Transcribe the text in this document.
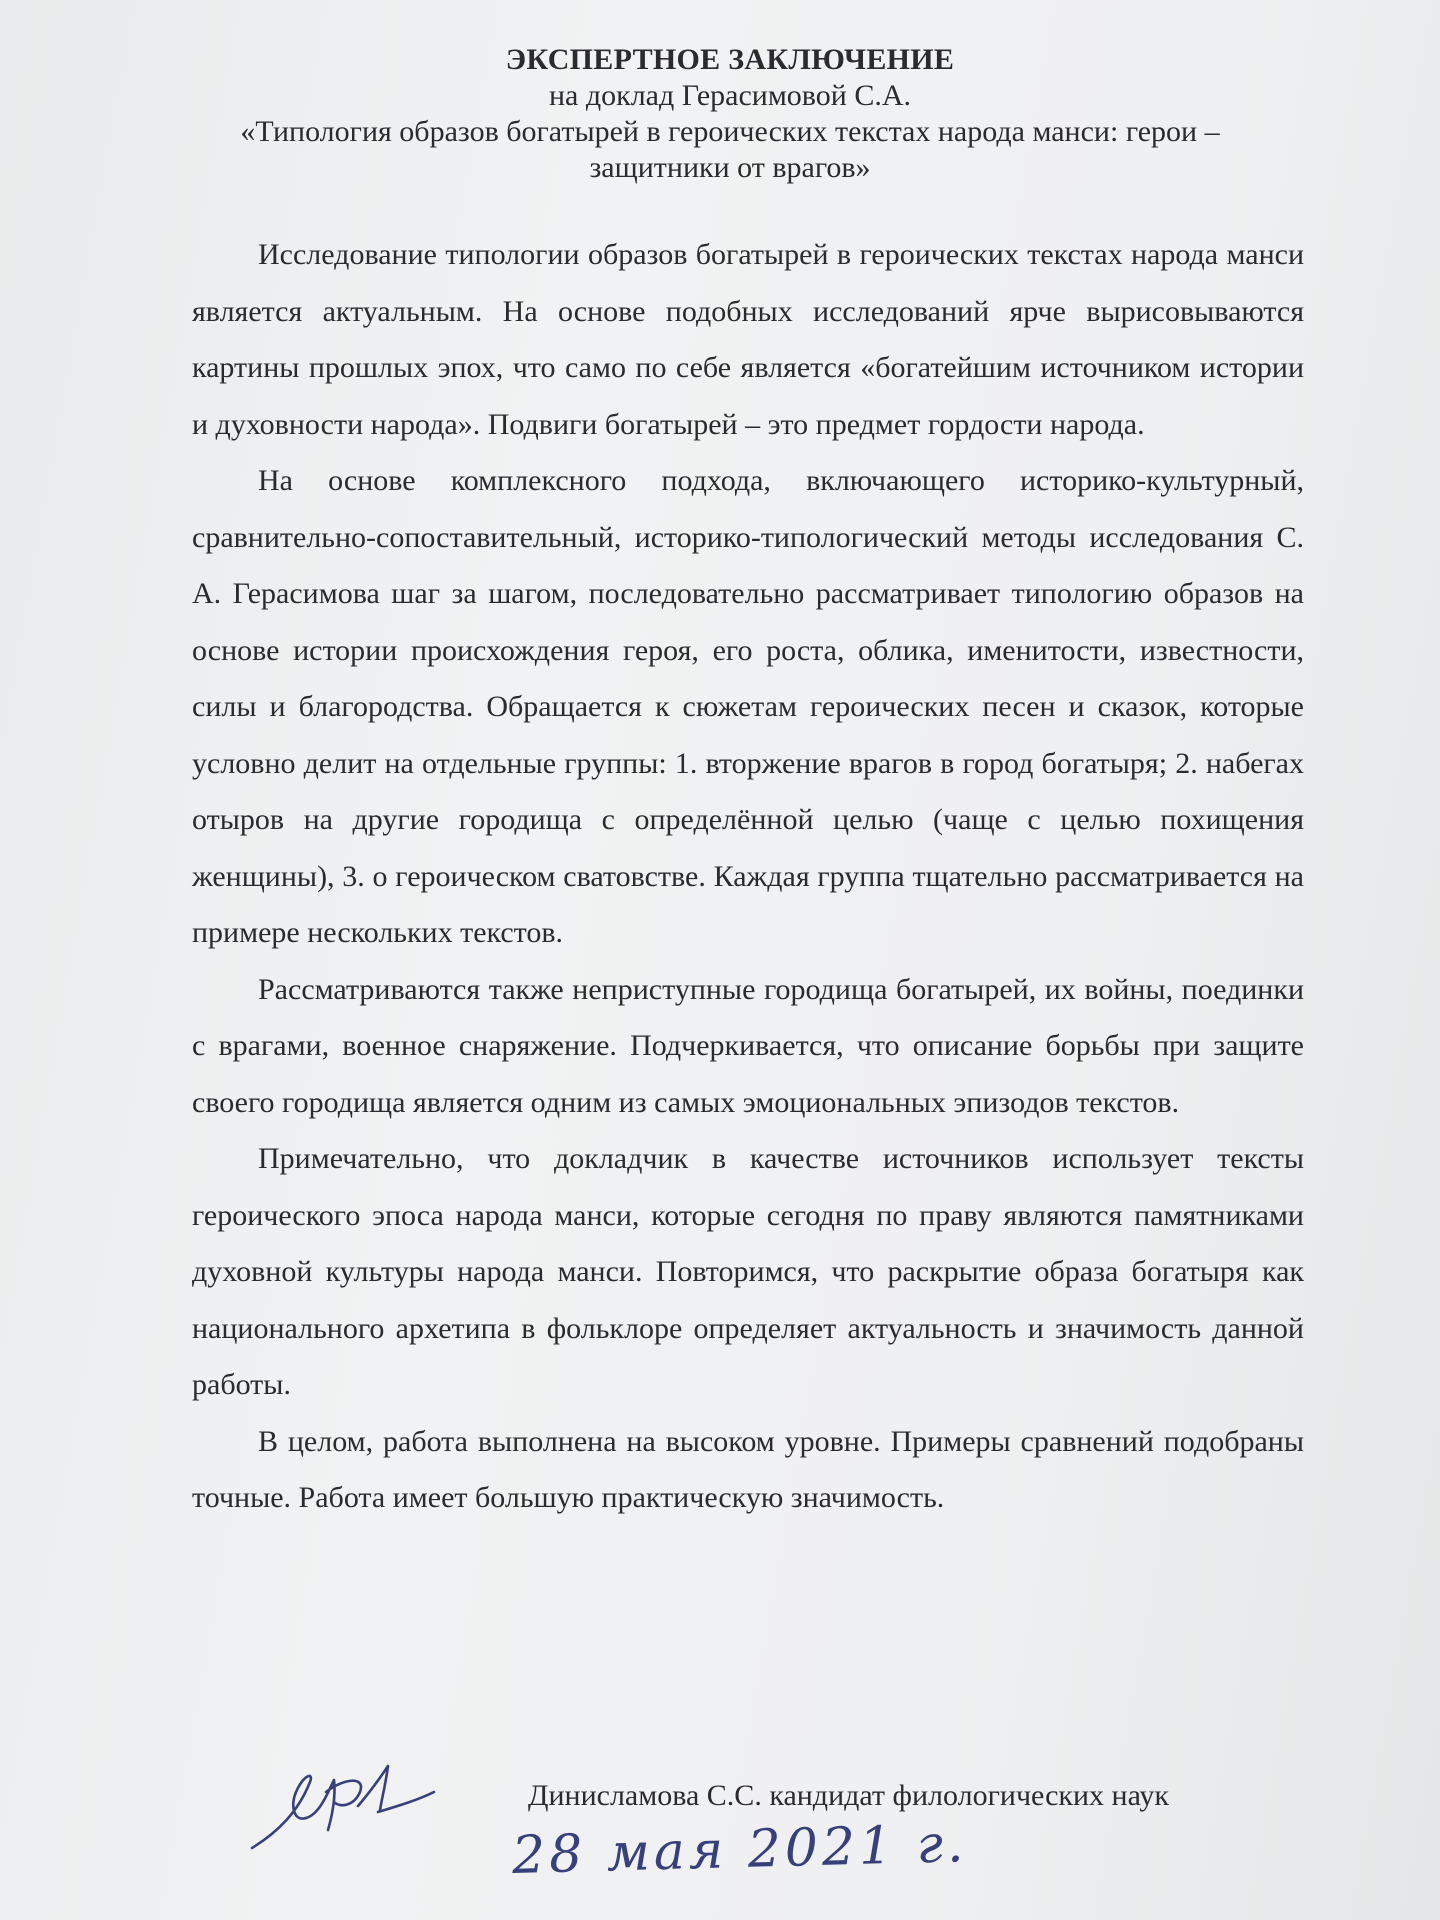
ЭКСПЕРТНОЕ ЗАКЛЮЧЕНИЕ
на доклад Герасимовой С.А.
«Типология образов богатырей в героических текстах народа манси: герои –
защитники от врагов»

Исследование типологии образов богатырей в героических текстах народа манси является актуальным. На основе подобных исследований ярче вырисовываются картины прошлых эпох, что само по себе является «богатейшим источником истории и духовности народа». Подвиги богатырей – это предмет гордости народа.

На основе комплексного подхода, включающего историко-культурный, сравнительно-сопоставительный, историко-типологический методы исследования С. А. Герасимова шаг за шагом, последовательно рассматривает типологию образов на основе истории происхождения героя, его роста, облика, именитости, известности, силы и благородства. Обращается к сюжетам героических песен и сказок, которые условно делит на отдельные группы: 1. вторжение врагов в город богатыря; 2. набегах отыров на другие городища с определённой целью (чаще с целью похищения женщины), 3. о героическом сватовстве. Каждая группа тщательно рассматривается на примере нескольких текстов.

Рассматриваются также неприступные городища богатырей, их войны, поединки с врагами, военное снаряжение. Подчеркивается, что описание борьбы при защите своего городища является одним из самых эмоциональных эпизодов текстов.

Примечательно, что докладчик в качестве источников использует тексты героического эпоса народа манси, которые сегодня по праву являются памятниками духовной культуры народа манси. Повторимся, что раскрытие образа богатыря как национального архетипа в фольклоре определяет актуальность и значимость данной работы.

В целом, работа выполнена на высоком уровне. Примеры сравнений подобраны точные. Работа имеет большую практическую значимость.

Динисламова С.С. кандидат филологических наук
28 мая 2021 г.
